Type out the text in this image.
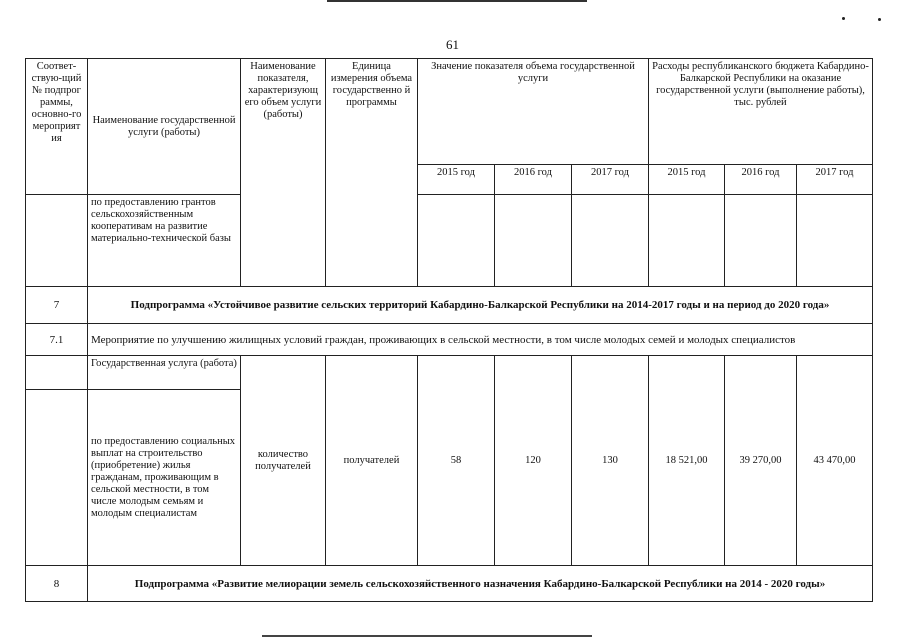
61
Соответ-ствую-щий № подпрог раммы, основно-го мероприят ия	Наименование государственной услуги (работы)	Наименование показателя, характеризующ его объем услуги (работы)	Единица измерения объема государственно й программы	Значение показателя объема государственной услуги			Расходы республиканского бюджета Кабардино-Балкарской Республики на оказание государственной услуги (выполнение работы), тыс. рублей		
				2015 год	2016 год	2017 год	2015 год	2016 год	2017 год
	по предоставлению грантов сельскохозяйственным кооперативам на развитие материально-технической базы								
7	Подпрограмма «Устойчивое развитие сельских территорий Кабардино-Балкарской Республики на 2014-2017 годы и на период до 2020 года»								
7.1	Мероприятие по улучшению жилищных условий граждан, проживающих в сельской местности, в том числе молодых семей и молодых специалистов								
	Государственная услуга (работа)	количество получателей	получателей	58	120	130	18 521,00	39 270,00	43 470,00
	по предоставлению социальных выплат на строительство (приобретение) жилья гражданам, проживающим в сельской местности, в том числе молодым семьям и молодым специалистам								
8	Подпрограмма «Развитие мелиорации земель сельскохозяйственного назначения Кабардино-Балкарской Республики на 2014 - 2020 годы»								
